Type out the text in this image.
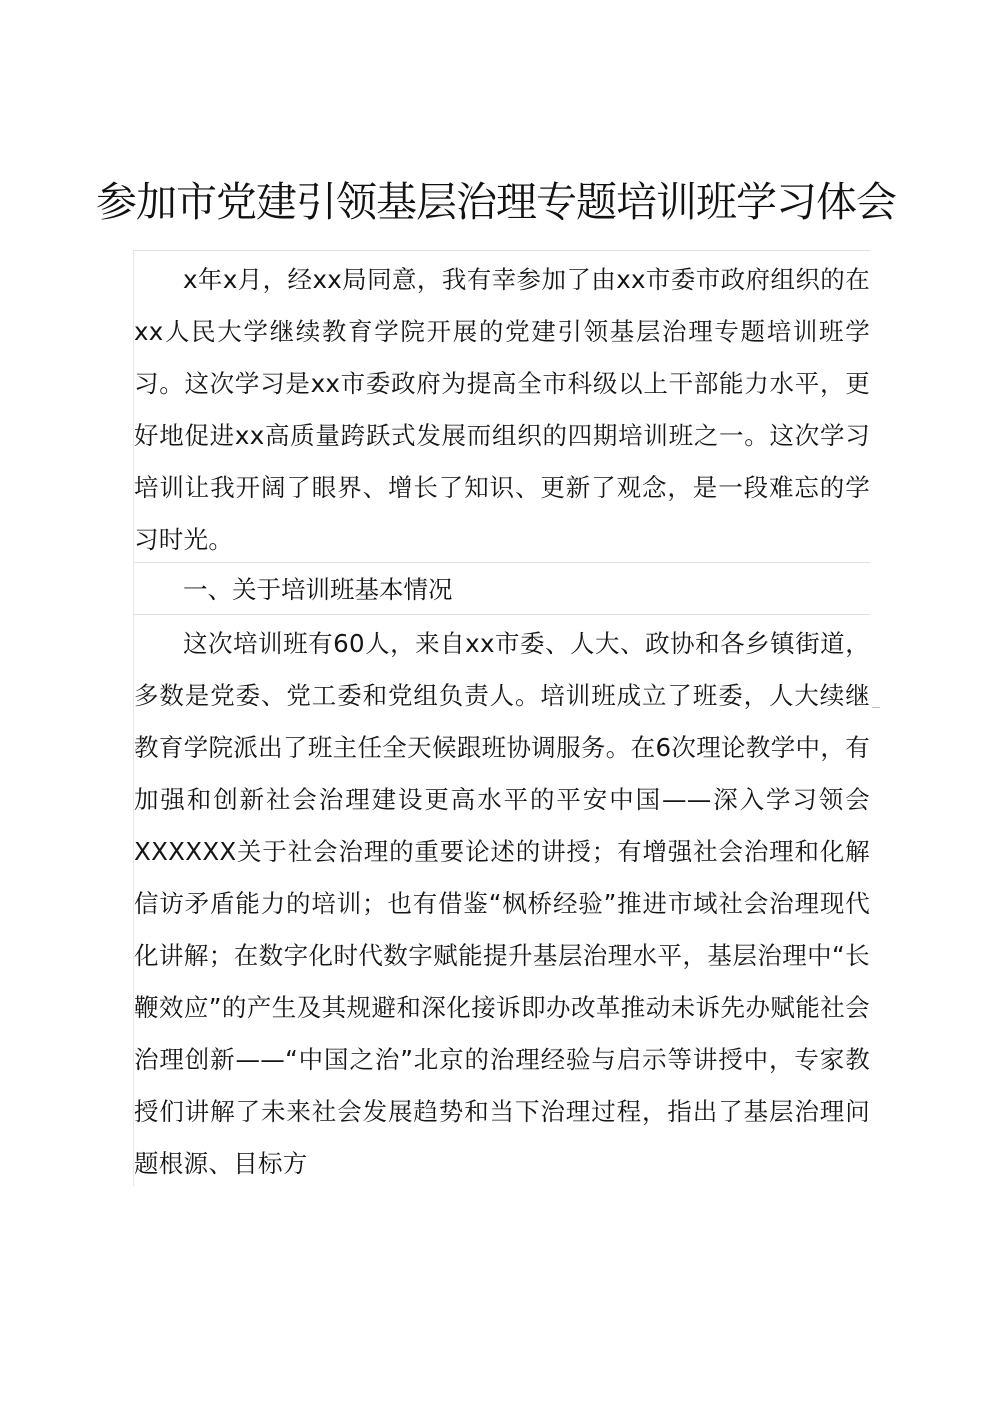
参加市党建引领基层治理专题培训班学习体会

x年x月，经xx局同意，我有幸参加了由xx市委市政府组织的在xx人民大学继续教育学院开展的党建引领基层治理专题培训班学习。这次学习是xx市委政府为提高全市科级以上干部能力水平，更好地促进xx高质量跨跃式发展而组织的四期培训班之一。这次学习培训让我开阔了眼界、增长了知识、更新了观念，是一段难忘的学习时光。

一、关于培训班基本情况

这次培训班有60人，来自xx市委、人大、政协和各乡镇街道，多数是党委、党工委和党组负责人。培训班成立了班委，人大续继教育学院派出了班主任全天候跟班协调服务。在6次理论教学中，有加强和创新社会治理建设更高水平的平安中国——深入学习领会XXXXXX关于社会治理的重要论述的讲授；有增强社会治理和化解信访矛盾能力的培训；也有借鉴“枫桥经验”推进市域社会治理现代化讲解；在数字化时代数字赋能提升基层治理水平，基层治理中“长鞭效应”的产生及其规避和深化接诉即办改革推动未诉先办赋能社会治理创新——“中国之治”北京的治理经验与启示等讲授中，专家教授们讲解了未来社会发展趋势和当下治理过程，指出了基层治理问题根源、目标方
